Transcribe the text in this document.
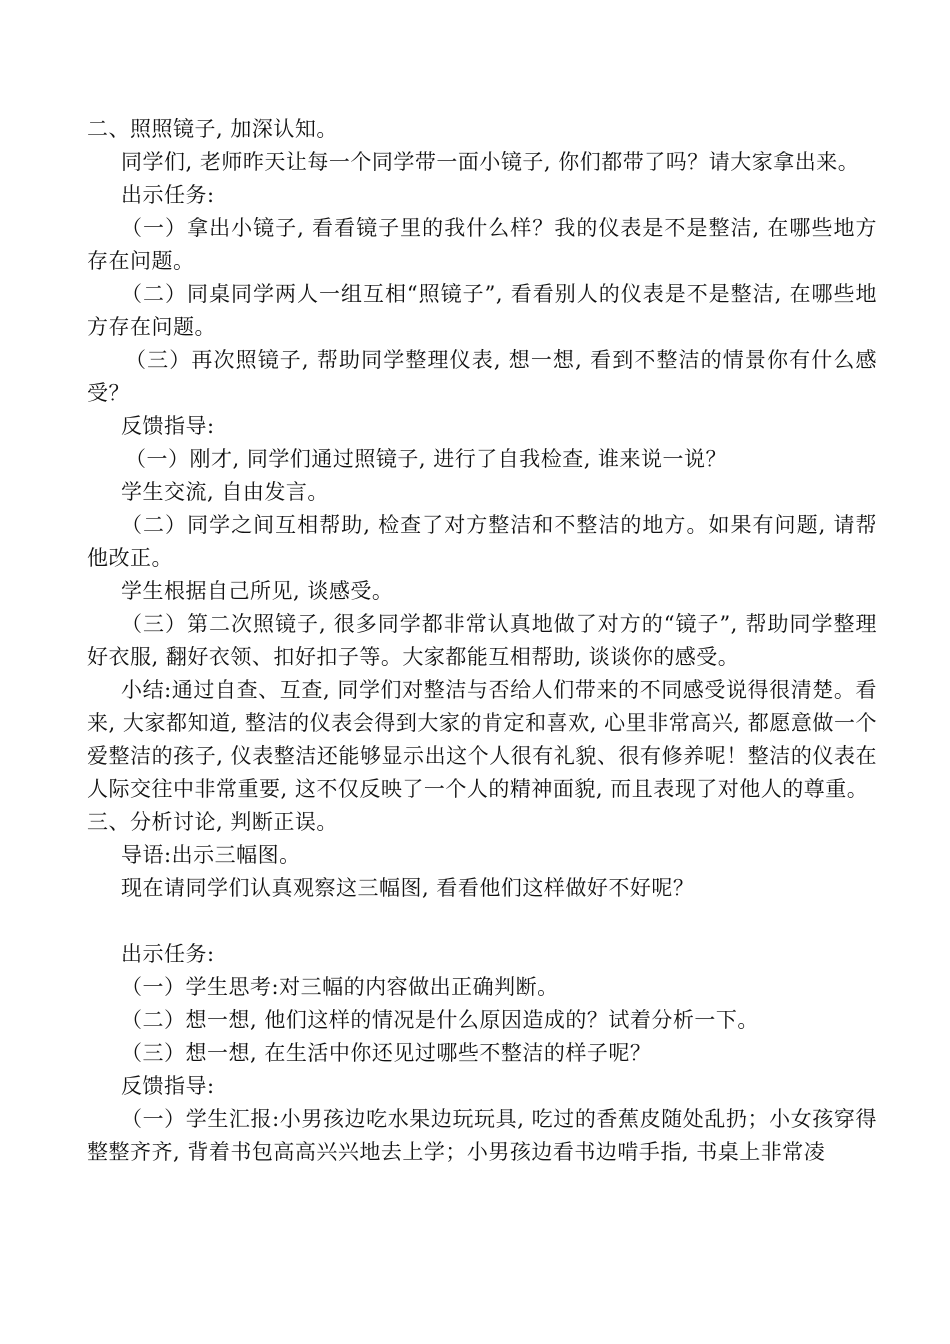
二、照照镜子, 加深认知。

同学们, 老师昨天让每一个同学带一面小镜子, 你们都带了吗？请大家拿出来。

出示任务:

（一）拿出小镜子, 看看镜子里的我什么样？我的仪表是不是整洁, 在哪些地方存在问题。

（二）同桌同学两人一组互相“照镜子”, 看看别人的仪表是不是整洁, 在哪些地方存在问题。

（三）再次照镜子, 帮助同学整理仪表, 想一想, 看到不整洁的情景你有什么感受？

反馈指导:

（一）刚才, 同学们通过照镜子, 进行了自我检查, 谁来说一说？

学生交流, 自由发言。

（二）同学之间互相帮助, 检查了对方整洁和不整洁的地方。如果有问题, 请帮他改正。

学生根据自己所见, 谈感受。

（三）第二次照镜子, 很多同学都非常认真地做了对方的“镜子”, 帮助同学整理好衣服, 翻好衣领、扣好扣子等。大家都能互相帮助, 谈谈你的感受。

小结:通过自查、互查, 同学们对整洁与否给人们带来的不同感受说得很清楚。看来, 大家都知道, 整洁的仪表会得到大家的肯定和喜欢, 心里非常高兴, 都愿意做一个爱整洁的孩子, 仪表整洁还能够显示出这个人很有礼貌、很有修养呢！整洁的仪表在人际交往中非常重要, 这不仅反映了一个人的精神面貌, 而且表现了对他人的尊重。

三、分析讨论, 判断正误。

导语:出示三幅图。

现在请同学们认真观察这三幅图, 看看他们这样做好不好呢？

出示任务:

（一）学生思考:对三幅的内容做出正确判断。

（二）想一想, 他们这样的情况是什么原因造成的？试着分析一下。

（三）想一想, 在生活中你还见过哪些不整洁的样子呢？

反馈指导:

（一）学生汇报:小男孩边吃水果边玩玩具, 吃过的香蕉皮随处乱扔；小女孩穿得整整齐齐, 背着书包高高兴兴地去上学；小男孩边看书边啃手指, 书桌上非常凌
